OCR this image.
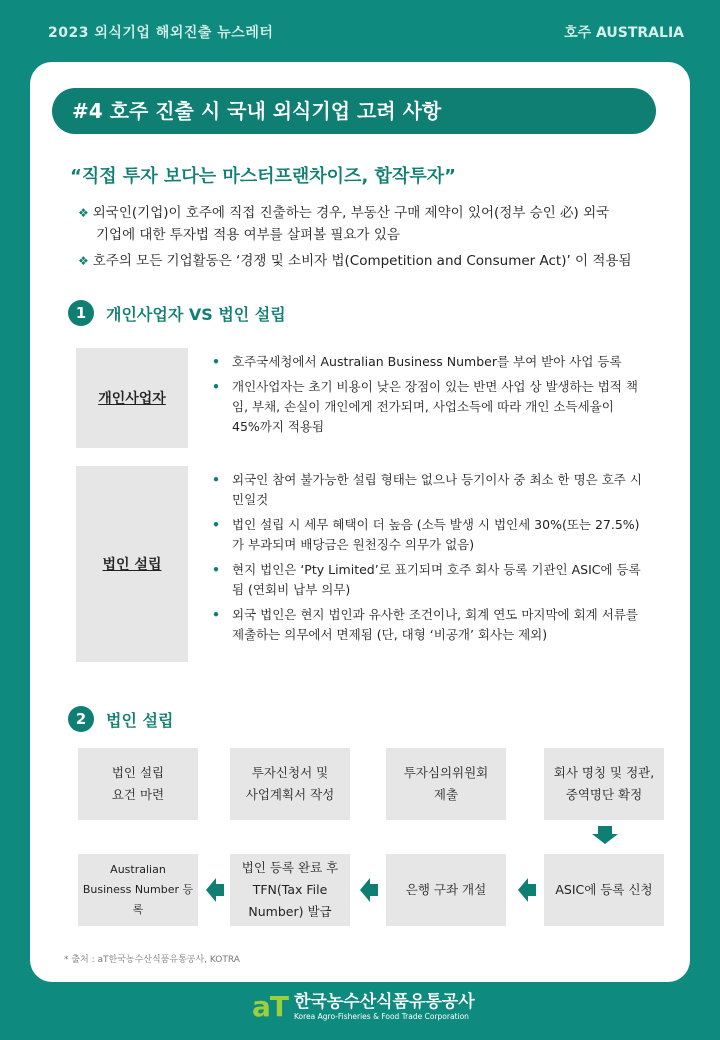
2023 외식기업 해외진출 뉴스레터	호주 AUSTRALIA
#4 호주 진출 시 국내 외식기업 고려 사항
“직접 투자 보다는 마스터프랜차이즈, 합작투자”
❖ 외국인(기업)이 호주에 직접 진출하는 경우, 부동산 구매 제약이 있어(정부 승인 必) 외국
기업에 대한 투자법 적용 여부를 살펴볼 필요가 있음
❖ 호주의 모든 기업활동은 ‘경쟁 및 소비자 법(Competition and Consumer Act)’ 이 적용됨
1	개인사업자 VS 법인 설립
개인사업자
• 호주국세청에서 Australian Business Number를 부여 받아 사업 등록
• 개인사업자는 초기 비용이 낮은 장점이 있는 반면 사업 상 발생하는 법적 책임, 부채, 손실이 개인에게 전가되며, 사업소득에 따라 개인 소득세율이 45%까지 적용됨
법인 설립
• 외국인 참여 불가능한 설립 형태는 없으나 등기이사 중 최소 한 명은 호주 시민일것
• 법인 설립 시 세무 혜택이 더 높음 (소득 발생 시 법인세 30%(또는 27.5%)가 부과되며 배당금은 원천징수 의무가 없음)
• 현지 법인은 ‘Pty Limited’로 표기되며 호주 회사 등록 기관인 ASIC에 등록됨 (연회비 납부 의무)
• 외국 법인은 현지 법인과 유사한 조건이나, 회계 연도 마지막에 회계 서류를 제출하는 의무에서 면제됨 (단, 대형 ‘비공개’ 회사는 제외)
2	법인 설립
법인 설립
요건 마련
투자신청서 및
사업계획서 작성
투자심의위원회
제출
회사 명칭 및 정관,
중역명단 확정
ASIC에 등록 신청
은행 구좌 개설
법인 등록 완료 후
TFN(Tax File
Number) 발급
Australian
Business Number 등록
* 출처 : aT한국농수산식품유통공사, KOTRA
aT 한국농수산식품유통공사
Korea Agro-Fisheries & Food Trade Corporation
